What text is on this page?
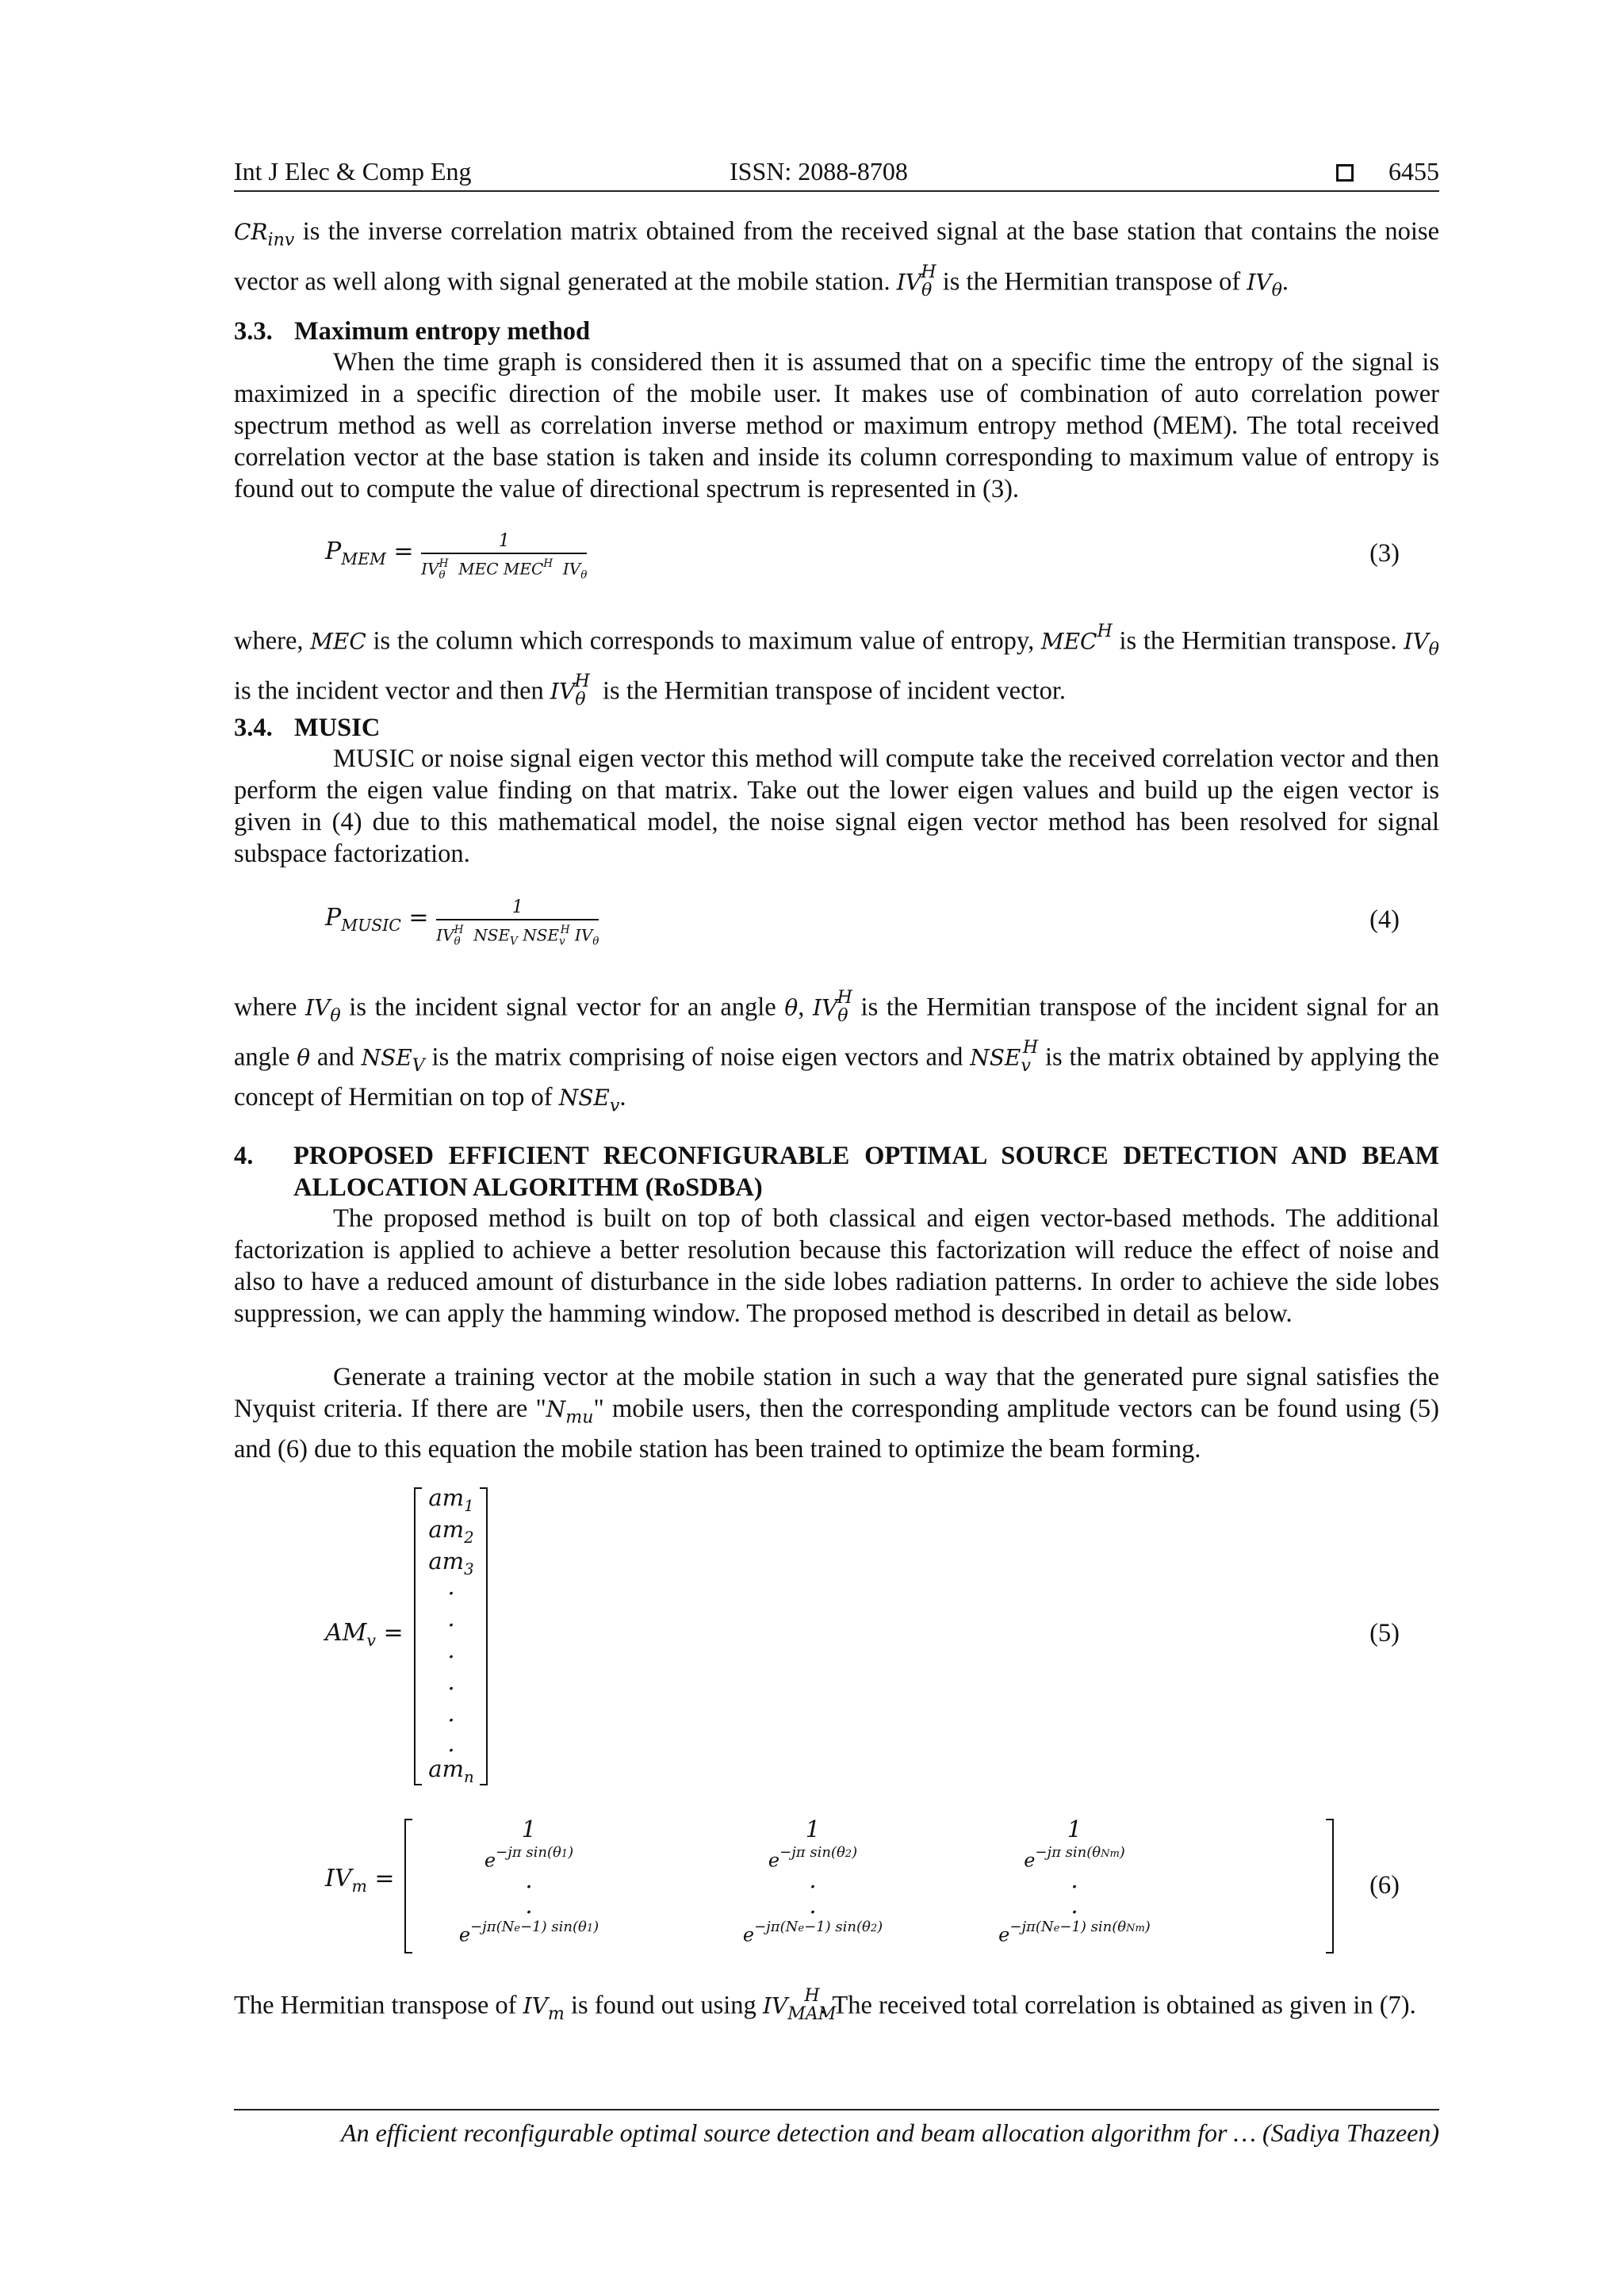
Int J Elec & Comp Eng	ISSN: 2088-8708	6455

$CR_{inv}$ is the inverse correlation matrix obtained from the received signal at the base station that contains the noise vector as well along with signal generated at the mobile station. $IV_\theta^H$ is the Hermitian transpose of $IV_\theta$.

3.3. Maximum entropy method

When the time graph is considered then it is assumed that on a specific time the entropy of the signal is maximized in a specific direction of the mobile user. It makes use of combination of auto correlation power spectrum method as well as correlation inverse method or maximum entropy method (MEM). The total received correlation vector at the base station is taken and inside its column corresponding to maximum value of entropy is found out to compute the value of directional spectrum is represented in (3).

$P_{MEM} = \frac{1}{IV_\theta^H MEC MEC^H IV_\theta}$	(3)

where, MEC is the column which corresponds to maximum value of entropy, $MEC^H$ is the Hermitian transpose. $IV_\theta$ is the incident vector and then $IV_\theta^H$  is the Hermitian transpose of incident vector.

3.4. MUSIC

MUSIC or noise signal eigen vector this method will compute take the received correlation vector and then perform the eigen value finding on that matrix. Take out the lower eigen values and build up the eigen vector is given in (4) due to this mathematical model, the noise signal eigen vector method has been resolved for signal subspace factorization.

$P_{MUSIC} = \frac{1}{IV_\theta^H NSE_V NSE_v^H IV_\theta}$	(4)

where $IV_\theta$ is the incident signal vector for an angle θ, $IV_\theta^H$ is the Hermitian transpose of the incident signal for an angle θ and $NSE_V$ is the matrix comprising of noise eigen vectors and $NSE_v^H$ is the matrix obtained by applying the concept of Hermitian on top of $NSE_v$.

4. PROPOSED EFFICIENT RECONFIGURABLE OPTIMAL SOURCE DETECTION AND BEAM ALLOCATION ALGORITHM (RoSDBA)

The proposed method is built on top of both classical and eigen vector-based methods. The additional factorization is applied to achieve a better resolution because this factorization will reduce the effect of noise and also to have a reduced amount of disturbance in the side lobes radiation patterns. In order to achieve the side lobes suppression, we can apply the hamming window. The proposed method is described in detail as below.

Generate a training vector at the mobile station in such a way that the generated pure signal satisfies the Nyquist criteria. If there are "$N_{mu}$" mobile users, then the corresponding amplitude vectors can be found using (5) and (6) due to this equation the mobile station has been trained to optimize the beam forming.

$AM_v$ =
$am_1$
$am_2$
$am_3$
.
.
.
.
.
.
$am_n$
(5)
$IV_m$ =
1
$e^{-j\pi sin(\theta 1)}$
.
.
$e^{-j\pi(Ne-1) sin(\theta 1)}$
1
$e^{-j\pi sin(\theta 2)}$
.
.
$e^{-j\pi(Ne-1) sin(\theta 2)}$
1
$e^{-j\pi sin(\theta Nm)}$
.
.
$e^{-j\pi(Ne-1) sin(\theta Nm)}$
(6)

The Hermitian transpose of $IV_m$ is found out using $IV_{MAM}^H$. The received total correlation is obtained as given in (7).

An efficient reconfigurable optimal source detection and beam allocation algorithm for … (Sadiya Thazeen)
